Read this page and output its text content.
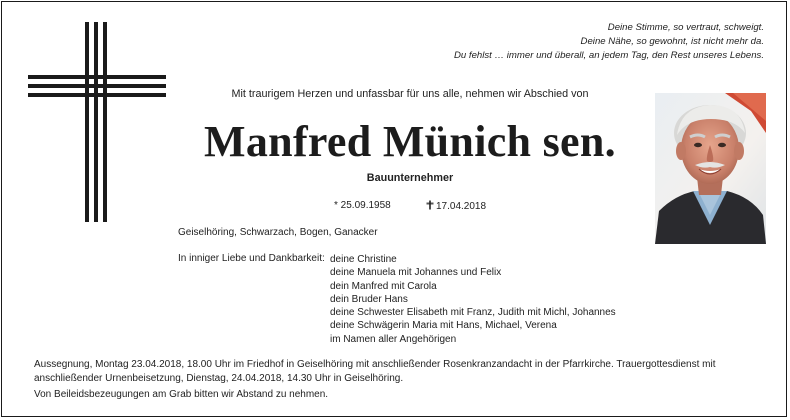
Deine Stimme, so vertraut, schweigt.
Deine Nähe, so gewohnt, ist nicht mehr da.
Du fehlst … immer und überall, an jedem Tag, den Rest unseres Lebens.
Mit traurigem Herzen und unfassbar für uns alle, nehmen wir Abschied von
Manfred Münich sen.
Bauunternehmer
* 25.09.1958	17.04.2018
Geiselhöring, Schwarzach, Bogen, Ganacker
In inniger Liebe und Dankbarkeit: deine Christine
deine Manuela mit Johannes und Felix
dein Manfred mit Carola
dein Bruder Hans
deine Schwester Elisabeth mit Franz, Judith mit Michl, Johannes
deine Schwägerin Maria mit Hans, Michael, Verena
im Namen aller Angehörigen
Aussegnung, Montag 23.04.2018, 18.00 Uhr im Friedhof in Geiselhöring mit anschließender Rosenkranzandacht in der Pfarrkirche. Trauergottesdienst mit
anschließender Urnenbeisetzung, Dienstag, 24.04.2018, 14.30 Uhr in Geiselhöring.
Von Beileidsbezeugungen am Grab bitten wir Abstand zu nehmen.
